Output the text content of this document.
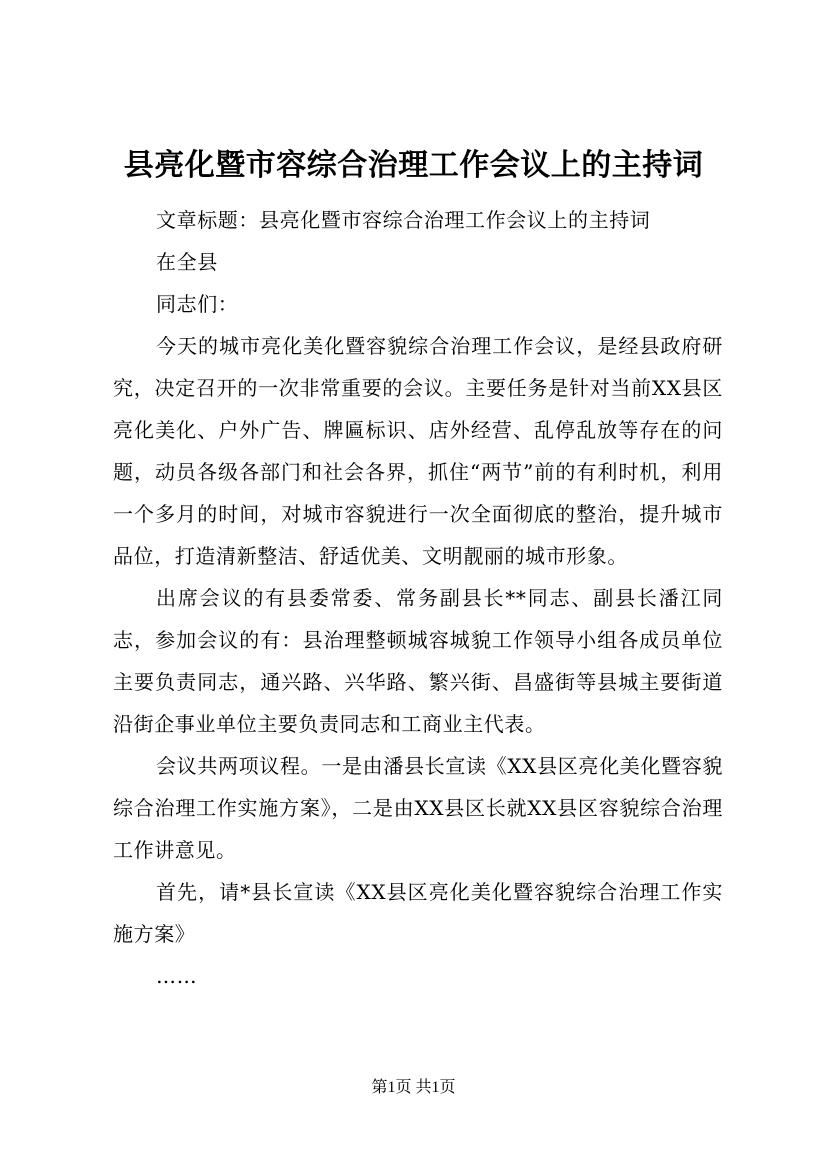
县亮化暨市容综合治理工作会议上的主持词

文章标题：县亮化暨市容综合治理工作会议上的主持词

在全县

同志们：

今天的城市亮化美化暨容貌综合治理工作会议，是经县政府研究，决定召开的一次非常重要的会议。主要任务是针对当前XX县区亮化美化、户外广告、牌匾标识、店外经营、乱停乱放等存在的问题，动员各级各部门和社会各界，抓住“两节”前的有利时机，利用一个多月的时间，对城市容貌进行一次全面彻底的整治，提升城市品位，打造清新整洁、舒适优美、文明靓丽的城市形象。

出席会议的有县委常委、常务副县长**同志、副县长潘江同志，参加会议的有：县治理整顿城容城貌工作领导小组各成员单位主要负责同志，通兴路、兴华路、繁兴街、昌盛街等县城主要街道沿街企事业单位主要负责同志和工商业主代表。

会议共两项议程。一是由潘县长宣读《XX县区亮化美化暨容貌综合治理工作实施方案》，二是由XX县区长就XX县区容貌综合治理工作讲意见。

首先，请*县长宣读《XX县区亮化美化暨容貌综合治理工作实施方案》

……

第1页 共1页
